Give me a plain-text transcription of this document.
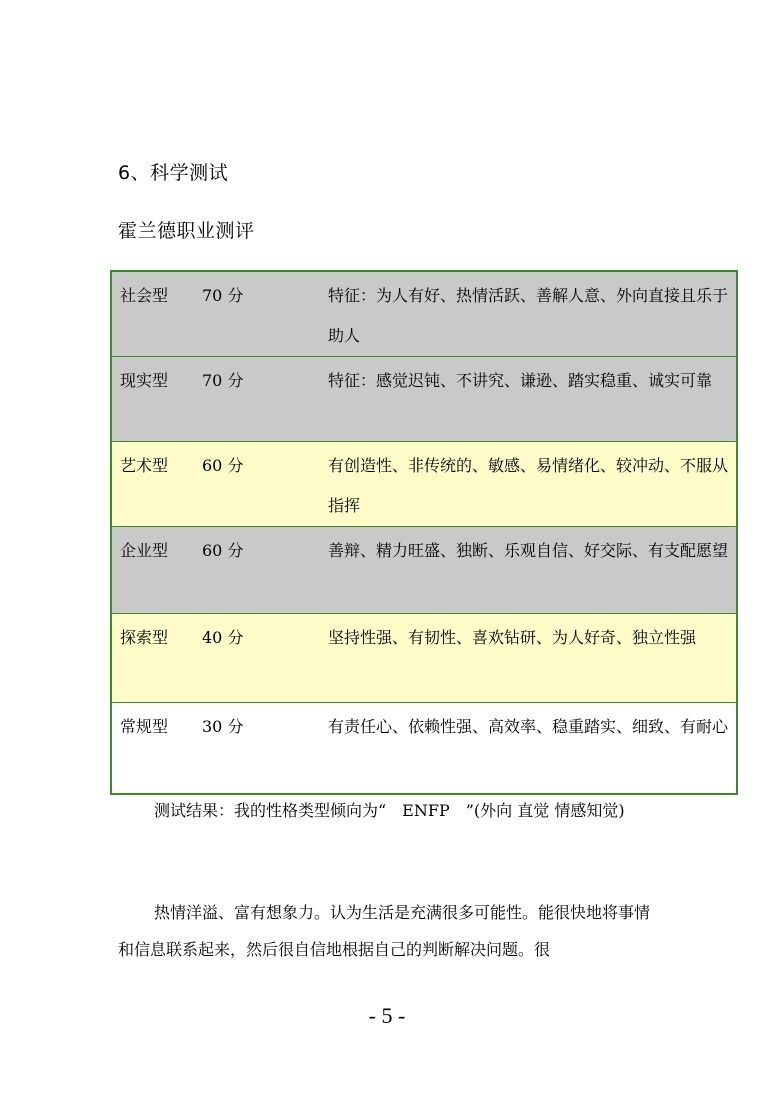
6、科学测试
霍兰德职业测评
社会型	70 分	特征：为人有好、热情活跃、善解人意、外向直接且乐于助人
现实型	70 分	特征：感觉迟钝、不讲究、谦逊、踏实稳重、诚实可靠
艺术型	60 分	有创造性、非传统的、敏感、易情绪化、较冲动、不服从指挥
企业型	60 分	善辩、精力旺盛、独断、乐观自信、好交际、有支配愿望
探索型	40 分	坚持性强、有韧性、喜欢钻研、为人好奇、独立性强
常规型	30 分	有责任心、依赖性强、高效率、稳重踏实、细致、有耐心
测试结果：我的性格类型倾向为“　ENFP　”(外向 直觉 情感知觉)
热情洋溢、富有想象力。认为生活是充满很多可能性。能很快地将事情和信息联系起来，然后很自信地根据自己的判断解决问题。很
- 5 -
